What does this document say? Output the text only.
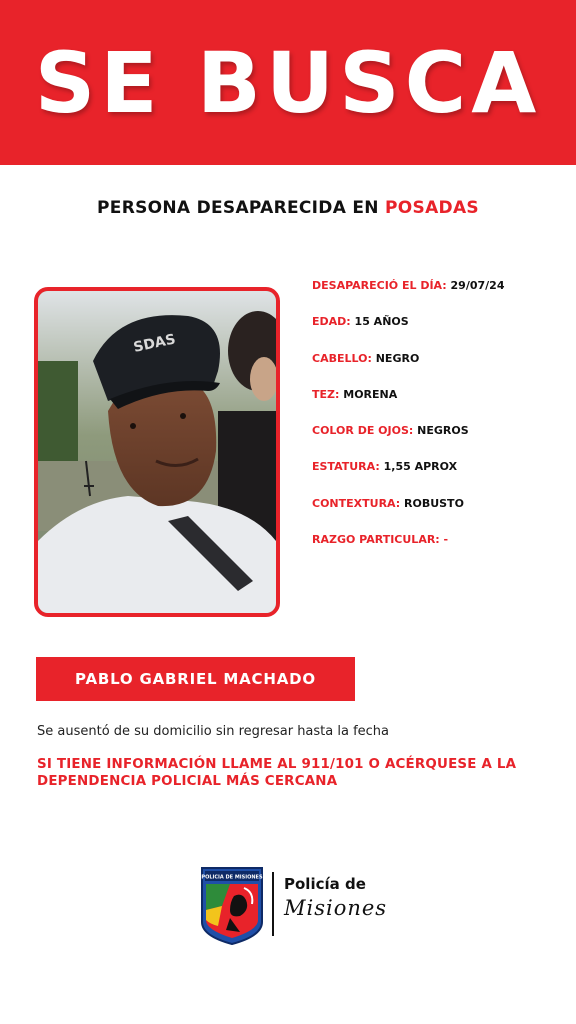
SE BUSCA
PERSONA DESAPARECIDA EN POSADAS
SDAS
DESAPARECIÓ EL DÍA: 29/07/24
EDAD: 15 AÑOS
CABELLO: NEGRO
TEZ: MORENA
COLOR DE OJOS: NEGROS
ESTATURA: 1,55 APROX
CONTEXTURA: ROBUSTO
RAZGO PARTICULAR: -
PABLO GABRIEL MACHADO
Se ausentó de su domicilio sin regresar hasta la fecha
SI TIENE INFORMACIÓN LLAME AL 911/101 O ACÉRQUESE A LA
DEPENDENCIA POLICIAL MÁS CERCANA
POLICIA DE MISIONES Policía de
Misiones
